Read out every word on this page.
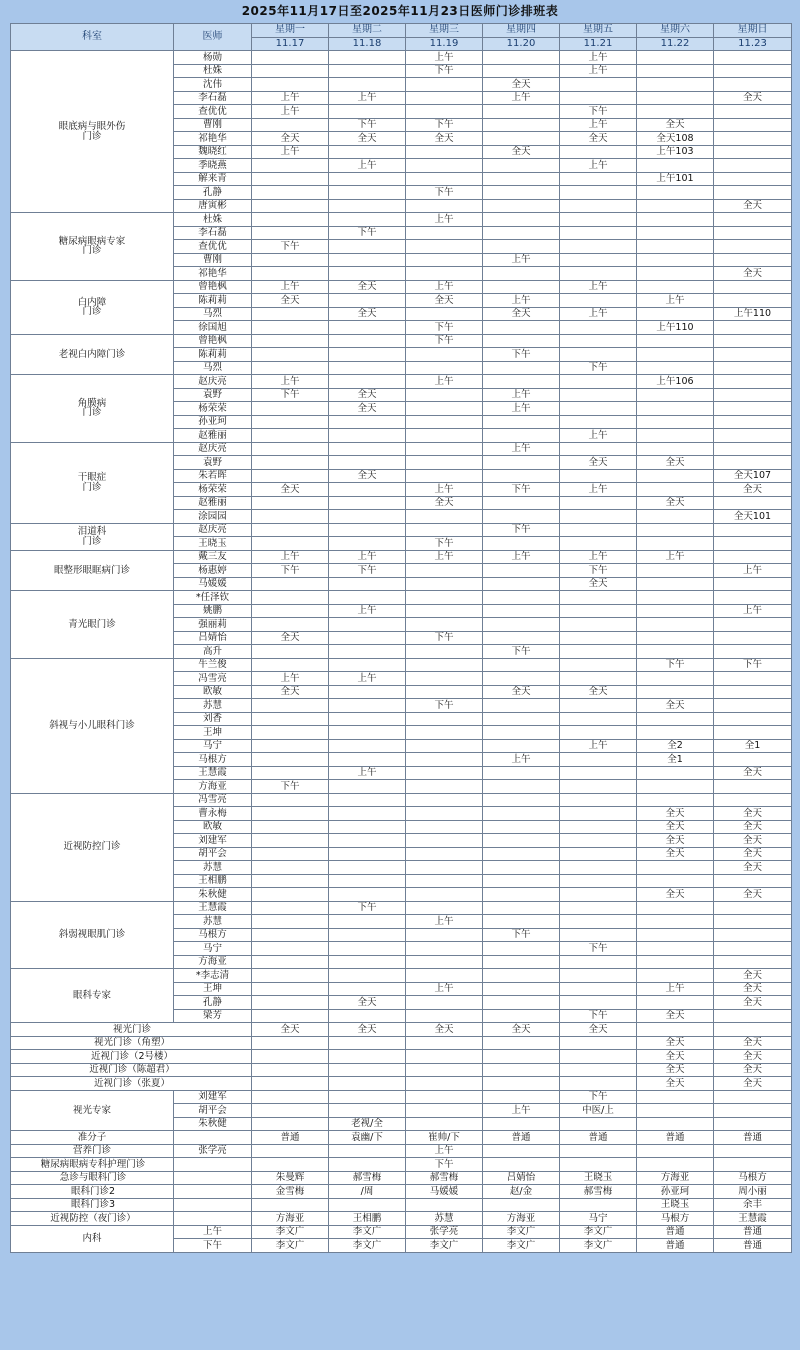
2025年11月17日至2025年11月23日医师门诊排班表
科室	医师	星期一	星期二	星期三	星期四	星期五	星期六	星期日
		11.17	11.18	11.19	11.20	11.21	11.22	11.23
眼底病与眼外伤
门诊	杨勋			上午		上午		
	杜姝			下午		上午		
	沈伟				全天			
	李石磊	上午	上午		上午			全天
	查优优	上午				下午		
	曹刚		下午	下午		上午	全天	
	祁艳华	全天	全天	全天		全天	全天108	
	魏晓红	上午			全天		上午103	
	季晓燕		上午			上午		
	解来青						上午101	
	孔静			下午				
	唐寅彬							全天
糖尿病眼病专家
门诊	杜姝			上午				
	李石磊		下午					
	查优优	下午						
	曹刚				上午			
	祁艳华							全天
白内障
门诊	曾艳枫	上午	全天	上午		上午		
	陈莉莉	全天		全天	上午		上午	
	马烈		全天		全天	上午		上午110
	徐国旭			下午			上午110	
老视白内障门诊	曾艳枫			下午				
	陈莉莉				下午			
	马烈					下午		
角膜病
门诊	赵庆亮	上午		上午			上午106	
	袁野	下午	全天		上午			
	杨荣荣		全天		上午			
	孙亚珂							
	赵雅丽					上午		
干眼症
门诊	赵庆亮				上午			
	袁野					全天	全天	
	朱若晖		全天					全天107
	杨荣荣	全天		上午	下午	上午		全天
	赵雅丽			全天			全天	
	涂园园							全天101
泪道科
门诊	赵庆亮				下午			
	王晓玉			下午				
眼整形眼眶病门诊	戴三友	上午	上午	上午	上午	上午	上午	
	杨惠婷	下午	下午			下午		上午
	马媛媛					全天		
青光眼门诊	*任泽钦							
	姚鹏		上午					上午
	强丽莉							
	吕婧怡	全天		下午				
	高升				下午			
斜视与小儿眼科门诊	牛兰俊						下午	下午
	冯雪亮	上午	上午					
	欧敏	全天			全天	全天		
	苏慧			下午			全天	
	刘香							
	王坤							
	马宁					上午	全2	全1
	马根方				上午		全1	
	王慧霞		上午					全天
	方海亚	下午						
近视防控门诊	冯雪亮							
	曹永梅						全天	全天
	欧敏						全天	全天
	刘建军						全天	全天
	胡平会						全天	全天
	苏慧							全天
	王相鹏							
	朱秋健						全天	全天
斜弱视眼肌门诊	王慧霞		下午					
	苏慧			上午				
	马根方				下午			
	马宁					下午		
	方海亚							
眼科专家	*李志清							全天
	王坤			上午			上午	全天
	孔静		全天					全天
	梁芳					下午	全天	
视光门诊		全天	全天	全天	全天	全天		
视光门诊（角塑）							全天	全天
近视门诊（2号楼）							全天	全天
近视门诊（陈超君）							全天	全天
近视门诊（张夏）							全天	全天
视光专家	刘建军					下午		
	胡平会				上午	中医/上		
	朱秋健		老视/全					
准分子		普通	袁幽/下	崔帅/下	普通	普通	普通	普通
营养门诊	张学亮			上午				
糖尿病眼病专科护理门诊				下午				
急诊与眼科门诊		朱曼辉	郝雪梅	郝雪梅	吕婧怡	王晓玉	方海亚	马根方
眼科门诊2		金雪梅	/周	马媛媛	赵/金	郝雪梅	孙亚珂	周小丽
眼科门诊3							王晓玉	余丰
近视防控（夜门诊）		方海亚	王相鹏	苏慧	方海亚	马宁	马根方	王慧霞
内科	上午	李文广	李文广	张学亮	李文广	李文广	普通	普通
	下午	李文广	李文广	李文广	李文广	李文广	普通	普通
